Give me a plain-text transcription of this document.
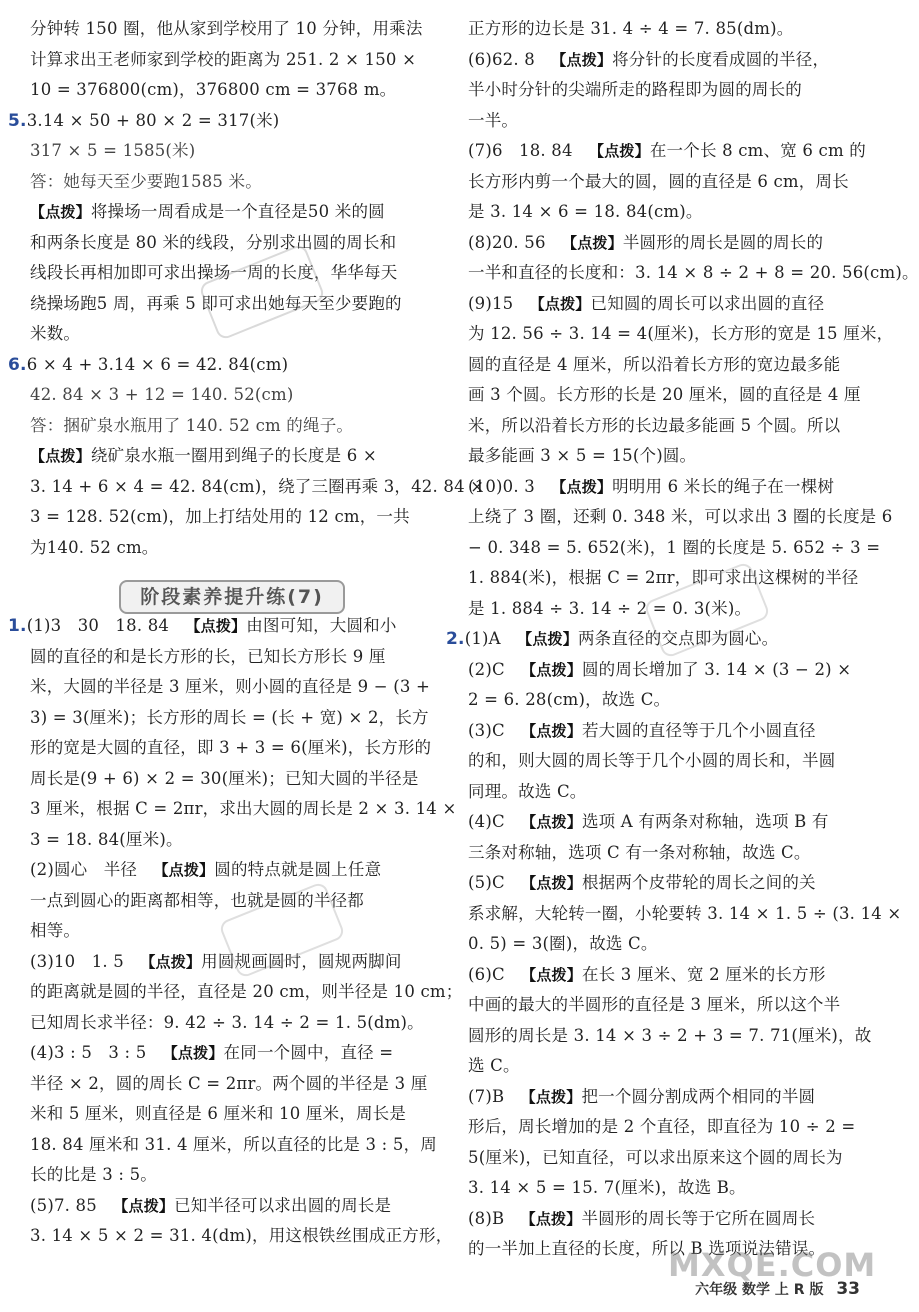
分钟转 150 圈，他从家到学校用了 10 分钟，用乘法
计算求出王老师家到学校的距离为 251. 2 × 150 ×
10 = 376800(cm)，376800 cm = 3768 m。
5.3.14 × 50 + 80 × 2 = 317(米)
317 × 5 = 1585(米)
答：她每天至少要跑1585 米。
【点拨】将操场一周看成是一个直径是50 米的圆
和两条长度是 80 米的线段，分别求出圆的周长和
线段长再相加即可求出操场一周的长度，华华每天
绕操场跑5 周，再乘 5 即可求出她每天至少要跑的
米数。
6.6 × 4 + 3.14 × 6 = 42. 84(cm)
42. 84 × 3 + 12 = 140. 52(cm)
答：捆矿泉水瓶用了 140. 52 cm 的绳子。
【点拨】绕矿泉水瓶一圈用到绳子的长度是 6 ×
3. 14 + 6 × 4 = 42. 84(cm)，绕了三圈再乘 3，42. 84 ×
3 = 128. 52(cm)，加上打结处用的 12 cm，一共
为140. 52 cm。
1.(1)3   30   18. 84   【点拨】由图可知，大圆和小
圆的直径的和是长方形的长，已知长方形长 9 厘
米，大圆的半径是 3 厘米，则小圆的直径是 9 − (3 +
3) = 3(厘米)；长方形的周长 = (长 + 宽) × 2，长方
形的宽是大圆的直径，即 3 + 3 = 6(厘米)，长方形的
周长是(9 + 6) × 2 = 30(厘米)；已知大圆的半径是
3 厘米，根据 C = 2πr，求出大圆的周长是 2 × 3. 14 ×
3 = 18. 84(厘米)。
(2)圆心   半径   【点拨】圆的特点就是圆上任意
一点到圆心的距离都相等，也就是圆的半径都
相等。
(3)10   1. 5   【点拨】用圆规画圆时，圆规两脚间
的距离就是圆的半径，直径是 20 cm，则半径是 10 cm；
已知周长求半径：9. 42 ÷ 3. 14 ÷ 2 = 1. 5(dm)。
(4)3 : 5   3 : 5   【点拨】在同一个圆中，直径 =
半径 × 2，圆的周长 C = 2πr。两个圆的半径是 3 厘
米和 5 厘米，则直径是 6 厘米和 10 厘米，周长是
18. 84 厘米和 31. 4 厘米，所以直径的比是 3 : 5，周
长的比是 3 : 5。
(5)7. 85   【点拨】已知半径可以求出圆的周长是
3. 14 × 5 × 2 = 31. 4(dm)，用这根铁丝围成正方形，
阶段素养提升练(7)
正方形的边长是 31. 4 ÷ 4 = 7. 85(dm)。
(6)62. 8   【点拨】将分针的长度看成圆的半径，
半小时分针的尖端所走的路程即为圆的周长的
一半。
(7)6   18. 84   【点拨】在一个长 8 cm、宽 6 cm 的
长方形内剪一个最大的圆，圆的直径是 6 cm，周长
是 3. 14 × 6 = 18. 84(cm)。
(8)20. 56   【点拨】半圆形的周长是圆的周长的
一半和直径的长度和：3. 14 × 8 ÷ 2 + 8 = 20. 56(cm)。
(9)15   【点拨】已知圆的周长可以求出圆的直径
为 12. 56 ÷ 3. 14 = 4(厘米)，长方形的宽是 15 厘米，
圆的直径是 4 厘米，所以沿着长方形的宽边最多能
画 3 个圆。长方形的长是 20 厘米，圆的直径是 4 厘
米，所以沿着长方形的长边最多能画 5 个圆。所以
最多能画 3 × 5 = 15(个)圆。
(10)0. 3   【点拨】明明用 6 米长的绳子在一棵树
上绕了 3 圈，还剩 0. 348 米，可以求出 3 圈的长度是 6
− 0. 348 = 5. 652(米)，1 圈的长度是 5. 652 ÷ 3 =
1. 884(米)，根据 C = 2πr，即可求出这棵树的半径
是 1. 884 ÷ 3. 14 ÷ 2 = 0. 3(米)。
2.(1)A   【点拨】两条直径的交点即为圆心。
(2)C   【点拨】圆的周长增加了 3. 14 × (3 − 2) ×
2 = 6. 28(cm)，故选 C。
(3)C   【点拨】若大圆的直径等于几个小圆直径
的和，则大圆的周长等于几个小圆的周长和，半圆
同理。故选 C。
(4)C   【点拨】选项 A 有两条对称轴，选项 B 有
三条对称轴，选项 C 有一条对称轴，故选 C。
(5)C   【点拨】根据两个皮带轮的周长之间的关
系求解，大轮转一圈，小轮要转 3. 14 × 1. 5 ÷ (3. 14 ×
0. 5) = 3(圈)，故选 C。
(6)C   【点拨】在长 3 厘米、宽 2 厘米的长方形
中画的最大的半圆形的直径是 3 厘米，所以这个半
圆形的周长是 3. 14 × 3 ÷ 2 + 3 = 7. 71(厘米)，故
选 C。
(7)B   【点拨】把一个圆分割成两个相同的半圆
形后，周长增加的是 2 个直径，即直径为 10 ÷ 2 =
5(厘米)，已知直径，可以求出原来这个圆的周长为
3. 14 × 5 = 15. 7(厘米)，故选 B。
(8)B   【点拨】半圆形的周长等于它所在圆周长
的一半加上直径的长度，所以 B 选项说法错误。
MXQE.COM
六年级 数学 上 R 版 33
